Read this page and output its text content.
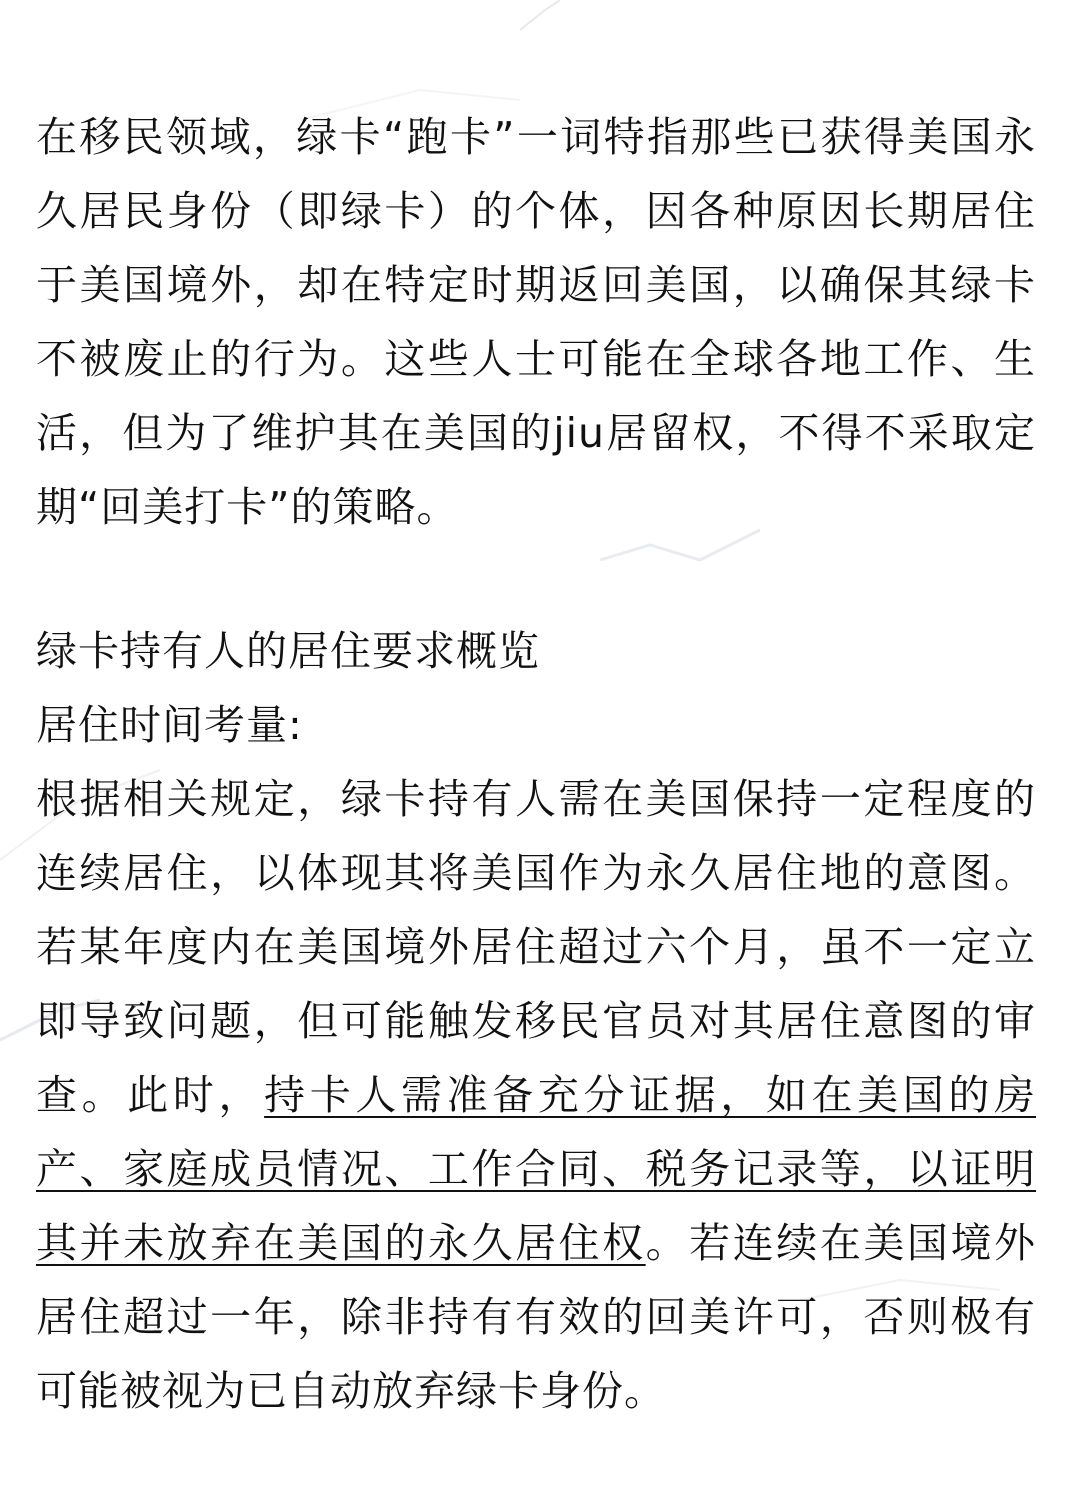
在移民领域，绿卡“跑卡”一词特指那些已获得美国永久居民身份（即绿卡）的个体，因各种原因长期居住于美国境外，却在特定时期返回美国，以确保其绿卡不被废止的行为。这些人士可能在全球各地工作、生活，但为了维护其在美国的jiu居留权，不得不采取定期“回美打卡”的策略。

绿卡持有人的居住要求概览

居住时间考量:

根据相关规定，绿卡持有人需在美国保持一定程度的连续居住，以体现其将美国作为永久居住地的意图。若某年度内在美国境外居住超过六个月，虽不一定立即导致问题，但可能触发移民官员对其居住意图的审查。此时，持卡人需准备充分证据，如在美国的房产、家庭成员情况、工作合同、税务记录等，以证明其并未放弃在美国的永久居住权。若连续在美国境外居住超过一年，除非持有有效的回美许可，否则极有可能被视为已自动放弃绿卡身份。
